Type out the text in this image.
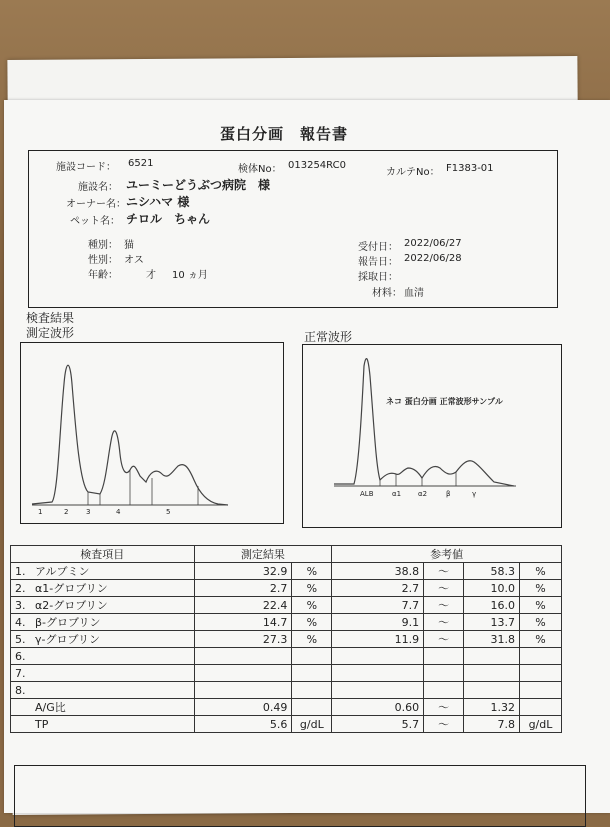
蛋白分画　報告書
施設コード： 6521
検体No： 013254RC0
カルテNo： F1383-01
施設名： ユーミーどうぶつ病院　様
オーナー名： ニシハマ 様
ペット名： チロル　ちゃん
種別： 猫
性別： オス
年齢：	才 10 ヵ月
受付日： 2022/06/27
報告日： 2022/06/28
採取日：
材料： 血清
検査結果
測定波形	正常波形
1	2	3	4	5
ネコ 蛋白分画 正常波形サンプル
ALB	α1 α2	β	γ
検査項目	測定結果		参考値			
1. アルブミン	32.9	%	38.8	〜	58.3	%
2. α1-グロブリン	2.7	%	2.7	〜	10.0	%
3. α2-グロブリン	22.4	%	7.7	〜	16.0	%
4. β-グロブリン	14.7	%	9.1	〜	13.7	%
5. γ-グロブリン	27.3	%	11.9	〜	31.8	%
6.						
7.						
8.						
A/G比	0.49		0.60	〜	1.32	
TP	5.6	g/dL	5.7	〜	7.8	g/dL
